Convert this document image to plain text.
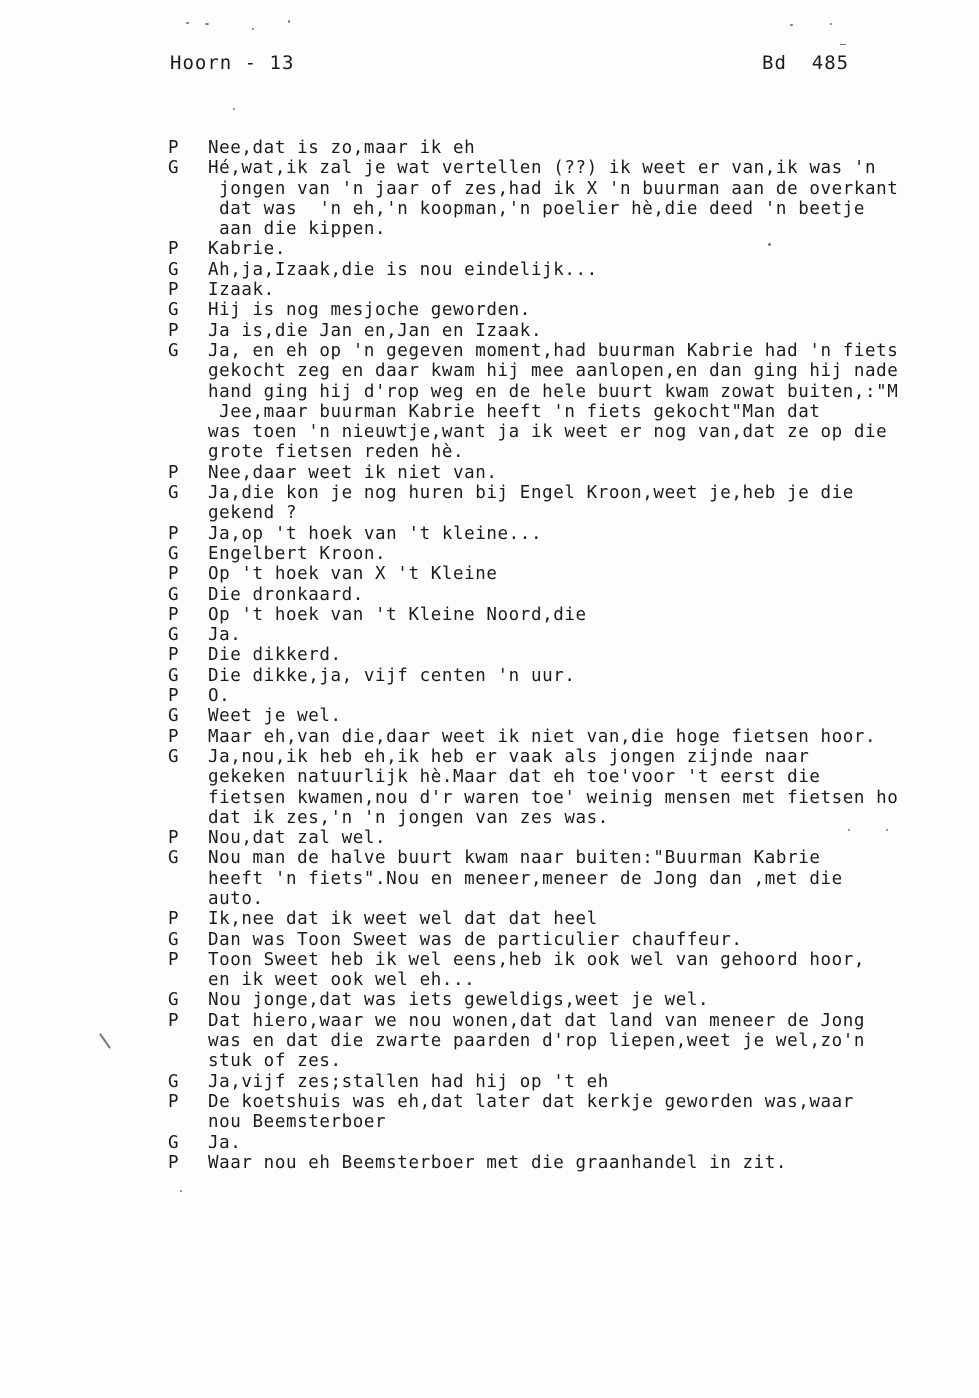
Hoorn - 13	Bd  485
P	Nee,dat is zo,maar ik eh
G	Hé,wat,ik zal je wat vertellen (??) ik weet er van,ik was 'n
jongen van 'n jaar of zes,had ik X 'n buurman aan de overkant
dat was  'n eh,'n koopman,'n poelier hè,die deed 'n beetje
aan die kippen.
P	Kabrie.
G	Ah,ja,Izaak,die is nou eindelijk...
P	Izaak.
G	Hij is nog mesjoche geworden.
P	Ja is,die Jan en,Jan en Izaak.
G	Ja, en eh op 'n gegeven moment,had buurman Kabrie had 'n fiets
gekocht zeg en daar kwam hij mee aanlopen,en dan ging hij nade
hand ging hij d'rop weg en de hele buurt kwam zowat buiten,:"M
Jee,maar buurman Kabrie heeft 'n fiets gekocht"Man dat
was toen 'n nieuwtje,want ja ik weet er nog van,dat ze op die
grote fietsen reden hè.
P	Nee,daar weet ik niet van.
G	Ja,die kon je nog huren bij Engel Kroon,weet je,heb je die
gekend ?
P	Ja,op 't hoek van 't kleine...
G	Engelbert Kroon.
P	Op 't hoek van X 't Kleine
G	Die dronkaard.
P	Op 't hoek van 't Kleine Noord,die
G	Ja.
P	Die dikkerd.
G	Die dikke,ja, vijf centen 'n uur.
P	O.
G	Weet je wel.
P	Maar eh,van die,daar weet ik niet van,die hoge fietsen hoor.
G	Ja,nou,ik heb eh,ik heb er vaak als jongen zijnde naar
gekeken natuurlijk hè.Maar dat eh toe'voor 't eerst die
fietsen kwamen,nou d'r waren toe' weinig mensen met fietsen ho
dat ik zes,'n 'n jongen van zes was.
P	Nou,dat zal wel.
G	Nou man de halve buurt kwam naar buiten:"Buurman Kabrie
heeft 'n fiets".Nou en meneer,meneer de Jong dan ,met die
auto.
P	Ik,nee dat ik weet wel dat dat heel
G	Dan was Toon Sweet was de particulier chauffeur.
P	Toon Sweet heb ik wel eens,heb ik ook wel van gehoord hoor,
en ik weet ook wel eh...
G	Nou jonge,dat was iets geweldigs,weet je wel.
P	Dat hiero,waar we nou wonen,dat dat land van meneer de Jong
was en dat die zwarte paarden d'rop liepen,weet je wel,zo'n
stuk of zes.
G	Ja,vijf zes;stallen had hij op 't eh
P	De koetshuis was eh,dat later dat kerkje geworden was,waar
nou Beemsterboer
G	Ja.
P	Waar nou eh Beemsterboer met die graanhandel in zit.
